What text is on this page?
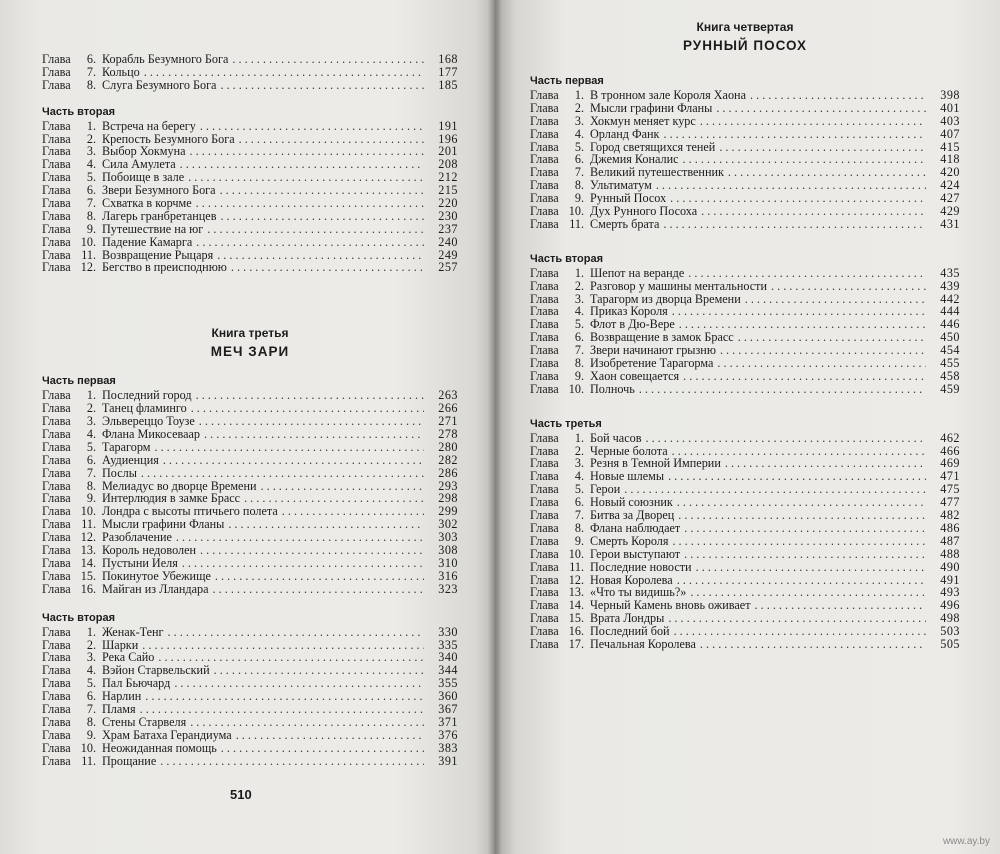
Глава	6. Корабль Безумного Бога . . .	168
Глава	7. Кольцо . . .	177
Глава	8. Слуга Безумного Бога . . .	185
Часть вторая
Глава	1. Встреча на берегу . . .	191
Глава	2. Крепость Безумного Бога . . .	196
Глава	3. Выбор Хокмуна . . .	201
Глава	4. Сила Амулета . . .	208
Глава	5. Побоище в зале . . .	212
Глава	6. Звери Безумного Бога . . .	215
Глава	7. Схватка в корчме . . .	220
Глава	8. Лагерь гранбретанцев . . .	230
Глава	9. Путешествие на юг . . .	237
Глава 10. Падение Камарга . . .	240
Глава 11. Возвращение Рыцаря . . .	249
Глава 12. Бегство в преисподнюю . . .	257
Книга третья
МЕЧ ЗАРИ
Часть первая
Глава	1. Последний город . . .	263
Глава	2. Танец фламинго . . .	266
Глава	3. Эльвереццо Тоузе . . .	271
Глава	4. Флана Микосеваар . . .	278
Глава	5. Тарагорм . . .	280
Глава	6. Аудиенция . . .	282
Глава	7. Послы . . .	286
Глава	8. Мелиадус во дворце Времени . . .	293
Глава	9. Интерлюдия в замке Брасс . . .	298
Глава 10. Лондра с высоты птичьего полета . . .	299
Глава 11. Мысли графини Фланы . . .	302
Глава 12. Разоблачение . . .	303
Глава 13. Король недоволен . . .	308
Глава 14. Пустыни Иеля . . .	310
Глава 15. Покинутое Убежище . . .	316
Глава 16. Майган из Лландара . . .	323
Часть вторая
Глава	1. Женак-Тенг . . .	330
Глава	2. Шарки . . .	335
Глава	3. Река Сайо . . .	340
Глава	4. Вэйон Старвельский . . .	344
Глава	5. Пал Бьючард . . .	355
Глава	6. Нарлин . . .	360
Глава	7. Пламя . . .	367
Глава	8. Стены Старвеля . . .	371
Глава	9. Храм Батаха Герандиума . . .	376
Глава 10. Неожиданная помощь . . .	383
Глава 11. Прощание . . .	391
510
Книга четвертая
РУННЫЙ ПОСОХ
Часть первая
Глава	1. В тронном зале Короля Хаона . . .	398
Глава	2. Мысли графини Фланы . . .	401
Глава	3. Хокмун меняет курс . . .	403
Глава	4. Орланд Фанк . . .	407
Глава	5. Город светящихся теней . . .	415
Глава	6. Джемия Коналис . . .	418
Глава	7. Великий путешественник . . .	420
Глава	8. Ультиматум . . .	424
Глава	9. Рунный Посох . . .	427
Глава 10. Дух Рунного Посоха . . .	429
Глава 11. Смерть брата . . .	431
Часть вторая
Глава	1. Шепот на веранде . . .	435
Глава	2. Разговор у машины ментальности . . .	439
Глава	3. Тарагорм из дворца Времени . . .	442
Глава	4. Приказ Короля . . .	444
Глава	5. Флот в Дю-Вере . . .	446
Глава	6. Возвращение в замок Брасс . . .	450
Глава	7. Звери начинают грызню . . .	454
Глава	8. Изобретение Тарагорма . . .	455
Глава	9. Хаон совещается . . .	458
Глава 10. Полночь . . .	459
Часть третья
Глава	1. Бой часов . . .	462
Глава	2. Черные болота . . .	466
Глава	3. Резня в Темной Империи . . .	469
Глава	4. Новые шлемы . . .	471
Глава	5. Герои . . .	475
Глава	6. Новый союзник . . .	477
Глава	7. Битва за Дворец . . .	482
Глава	8. Флана наблюдает . . .	486
Глава	9. Смерть Короля . . .	487
Глава 10. Герои выступают . . .	488
Глава 11. Последние новости . . .	490
Глава 12. Новая Королева . . .	491
Глава 13. «Что ты видишь?» . . .	493
Глава 14. Черный Камень вновь оживает . . .	496
Глава 15. Врата Лондры . . .	498
Глава 16. Последний бой . . .	503
Глава 17. Печальная Королева . . .	505
www.ay.by
